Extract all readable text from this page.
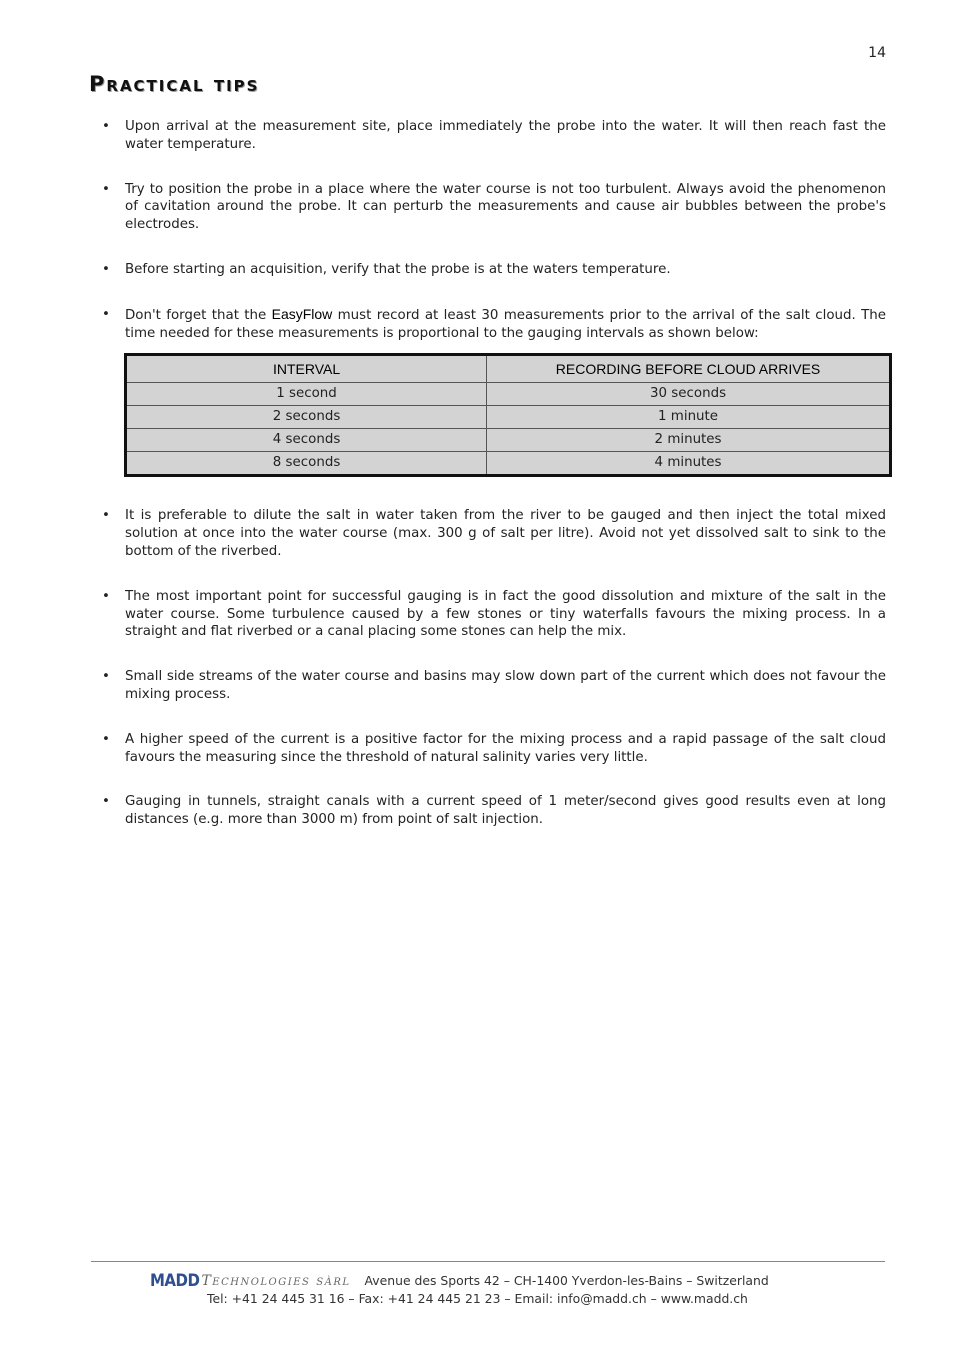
14
Practical tips
• Upon arrival at the measurement site, place immediately the probe into the water. It will then reach fast the water temperature.
• Try to position the probe in a place where the water course is not too turbulent. Always avoid the phenomenon of cavitation around the probe. It can perturb the measurements and cause air bubbles between the probe's electrodes.
• Before starting an acquisition, verify that the probe is at the waters temperature.
• Don't forget that the EasyFlow must record at least 30 measurements prior to the arrival of the salt cloud. The time needed for these measurements is proportional to the gauging intervals as shown below:
INTERVAL	RECORDING BEFORE CLOUD ARRIVES
1 second	30 seconds
2 seconds	1 minute
4 seconds	2 minutes
8 seconds	4 minutes
• It is preferable to dilute the salt in water taken from the river to be gauged and then inject the total mixed solution at once into the water course (max. 300 g of salt per litre). Avoid not yet dissolved salt to sink to the bottom of the riverbed.
• The most important point for successful gauging is in fact the good dissolution and mixture of the salt in the water course. Some turbulence caused by a few stones or tiny waterfalls favours the mixing process. In a straight and flat riverbed or a canal placing some stones can help the mix.
• Small side streams of the water course and basins may slow down part of the current which does not favour the mixing process.
• A higher speed of the current is a positive factor for the mixing process and a rapid passage of the salt cloud favours the measuring since the threshold of natural salinity varies very little.
• Gauging in tunnels, straight canals with a current speed of 1 meter/second gives good results even at long distances (e.g. more than 3000 m) from point of salt injection.
MADD Technologies sàrl Avenue des Sports 42 – CH-1400 Yverdon-les-Bains – Switzerland
Tel: +41 24 445 31 16 – Fax: +41 24 445 21 23 – Email: info@madd.ch – www.madd.ch
